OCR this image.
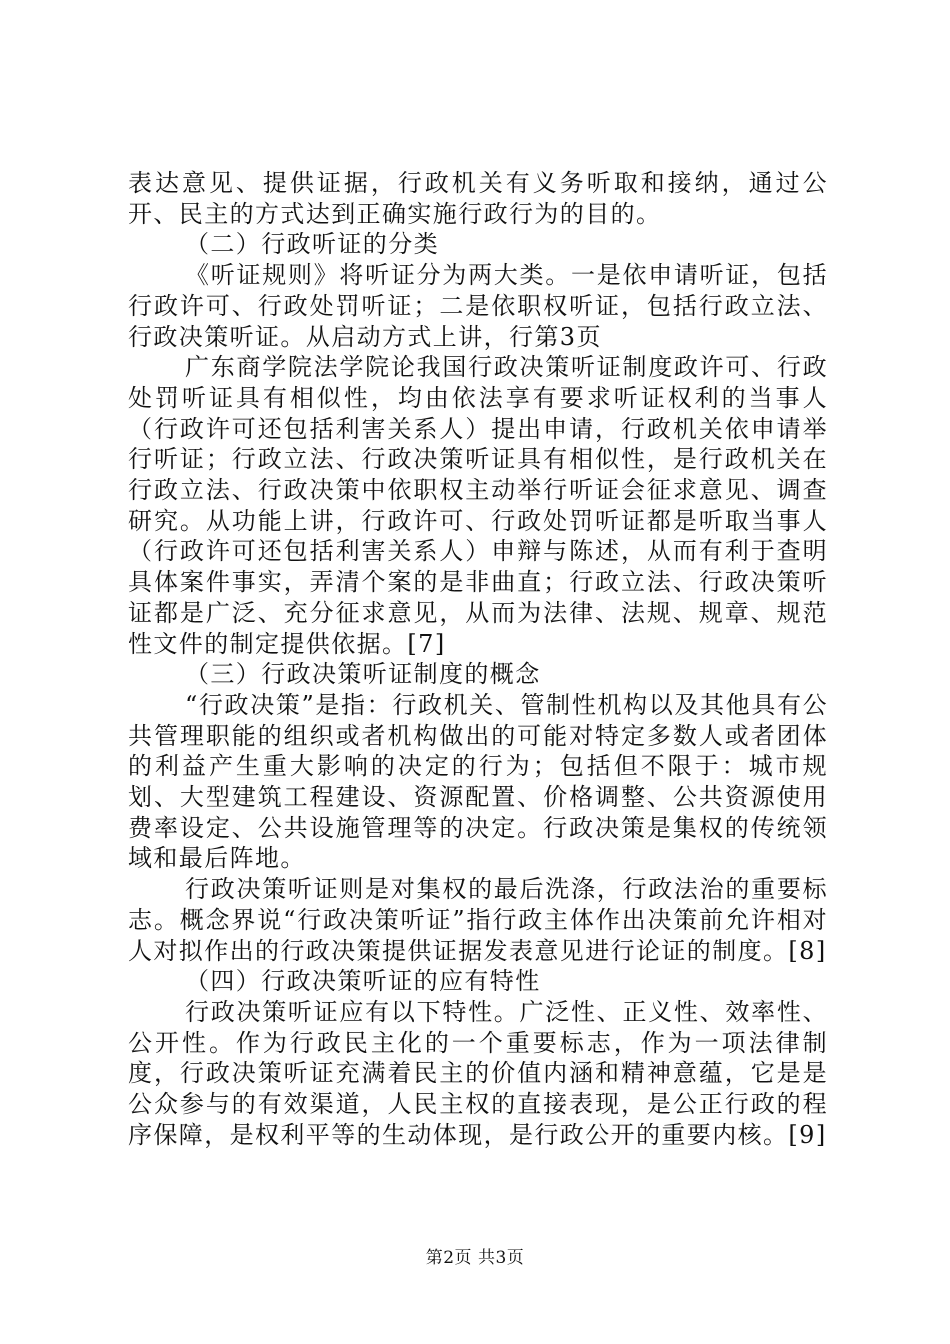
表达意见、提供证据，行政机关有义务听取和接纳，通过公开、民主的方式达到正确实施行政行为的目的。

（二）行政听证的分类

《听证规则》将听证分为两大类。一是依申请听证，包括行政许可、行政处罚听证；二是依职权听证，包括行政立法、行政决策听证。从启动方式上讲，行第3页

广东商学院法学院论我国行政决策听证制度政许可、行政处罚听证具有相似性，均由依法享有要求听证权利的当事人（行政许可还包括利害关系人）提出申请，行政机关依申请举行听证；行政立法、行政决策听证具有相似性，是行政机关在行政立法、行政决策中依职权主动举行听证会征求意见、调查研究。从功能上讲，行政许可、行政处罚听证都是听取当事人（行政许可还包括利害关系人）申辩与陈述，从而有利于查明具体案件事实，弄清个案的是非曲直；行政立法、行政决策听证都是广泛、充分征求意见，从而为法律、法规、规章、规范性文件的制定提供依据。[7]

（三）行政决策听证制度的概念

“行政决策”是指：行政机关、管制性机构以及其他具有公共管理职能的组织或者机构做出的可能对特定多数人或者团体的利益产生重大影响的决定的行为；包括但不限于：城市规划、大型建筑工程建设、资源配置、价格调整、公共资源使用费率设定、公共设施管理等的决定。行政决策是集权的传统领域和最后阵地。

行政决策听证则是对集权的最后洗涤，行政法治的重要标志。概念界说“行政决策听证”指行政主体作出决策前允许相对人对拟作出的行政决策提供证据发表意见进行论证的制度。[8]

（四）行政决策听证的应有特性

行政决策听证应有以下特性。广泛性、正义性、效率性、公开性。作为行政民主化的一个重要标志，作为一项法律制度，行政决策听证充满着民主的价值内涵和精神意蕴，它是是公众参与的有效渠道，人民主权的直接表现，是公正行政的程序保障，是权利平等的生动体现，是行政公开的重要内核。[9]

第2页 共3页
